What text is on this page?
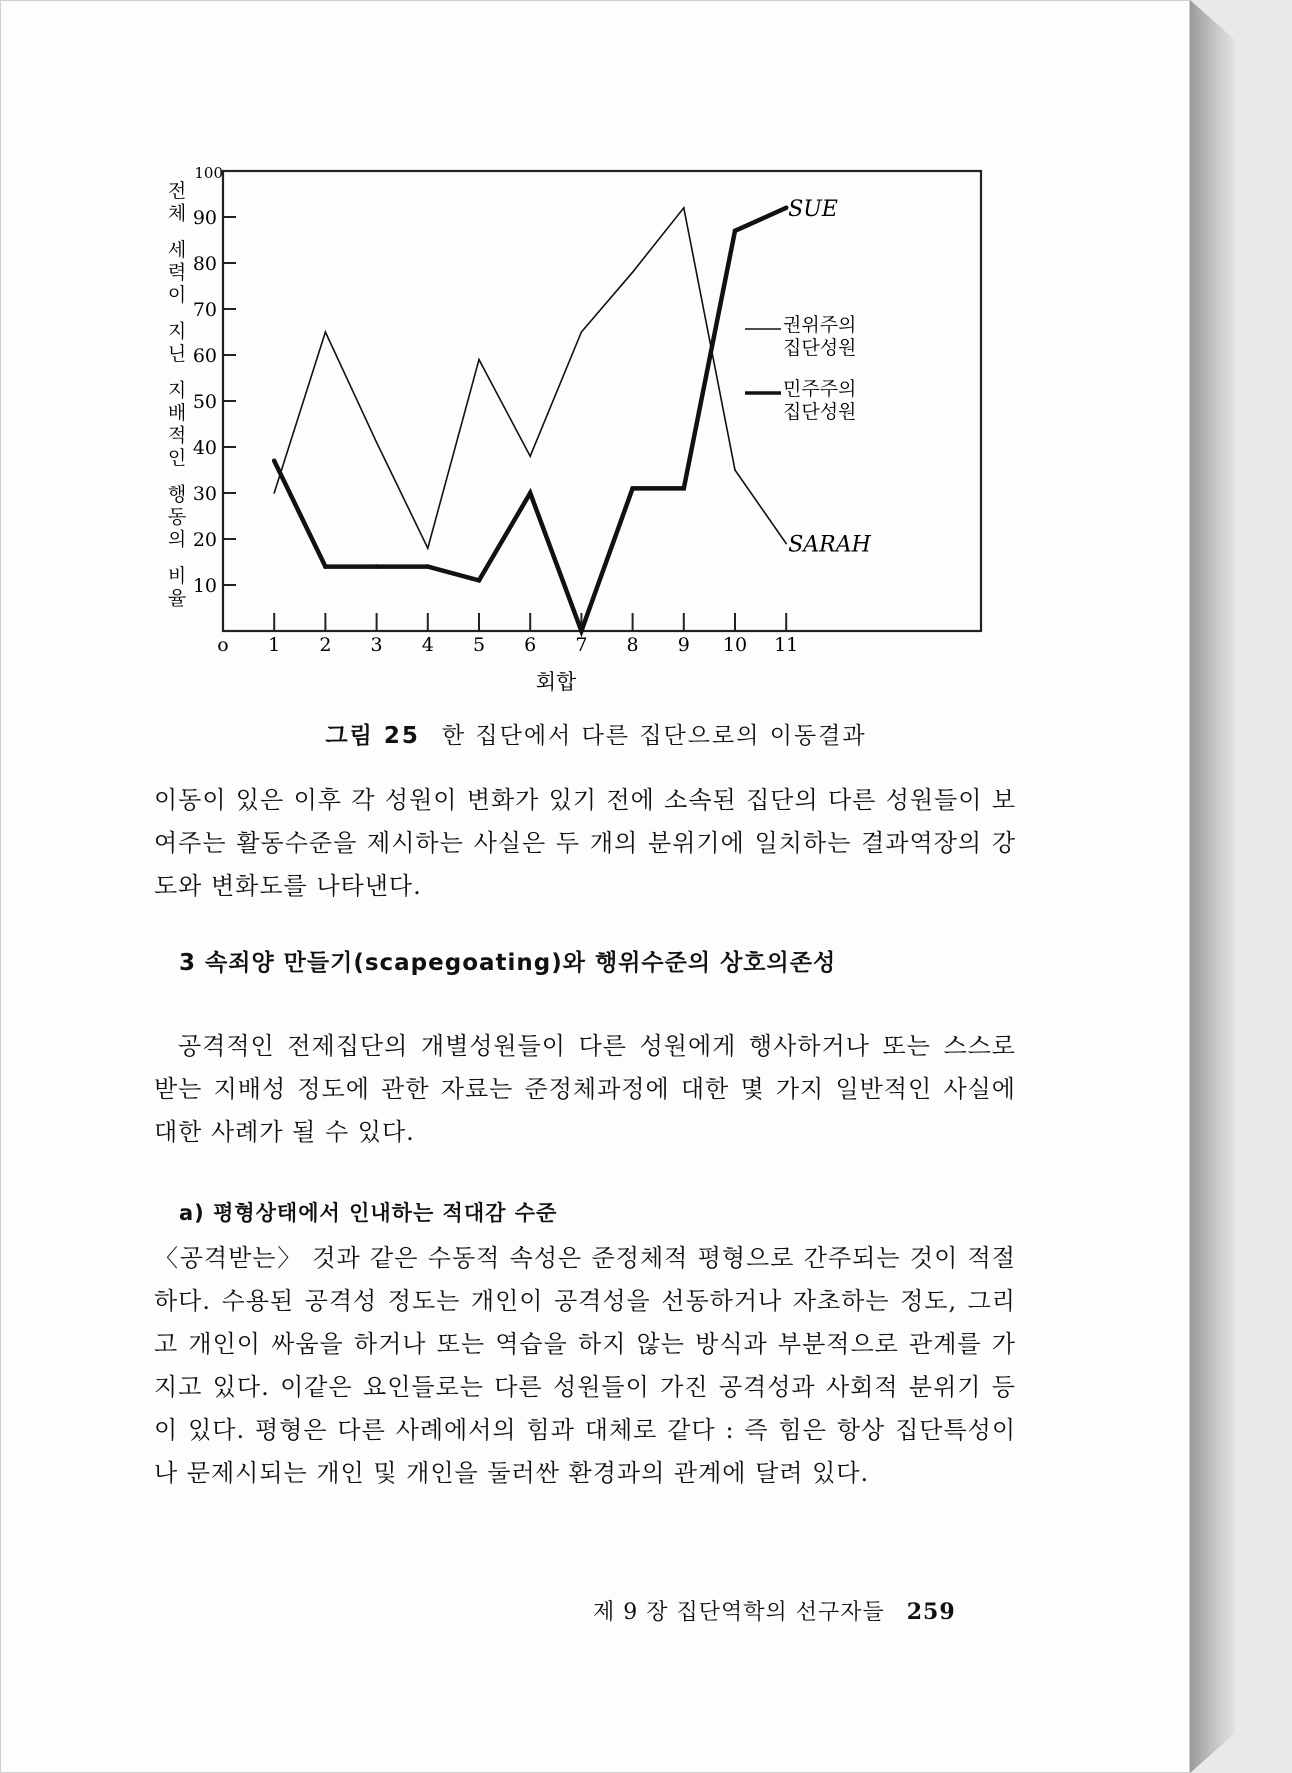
100
90
80
70
60
50
40
30
20
10
o 1 2 3 4 5 6 7 8 9 10 11
SARAH
SUE
권위주의
집단성원
민주주의
집단성원
전 체 세 력 이 지 닌 지 배 적 인 행 동 의 비 율
회합
그림 25 한 집단에서 다른 집단으로의 이동결과

이동이 있은 이후 각 성원이 변화가 있기 전에 소속된 집단의 다른 성원들이 보여주는 활동수준을 제시하는 사실은 두 개의 분위기에 일치하는 결과역장의 강도와 변화도를 나타낸다.

3 속죄양 만들기(scapegoating)와 행위수준의 상호의존성

공격적인 전제집단의 개별성원들이 다른 성원에게 행사하거나 또는 스스로 받는 지배성 정도에 관한 자료는 준정체과정에 대한 몇 가지 일반적인 사실에 대한 사례가 될 수 있다.

a) 평형상태에서 인내하는 적대감 수준

〈공격받는〉 것과 같은 수동적 속성은 준정체적 평형으로 간주되는 것이 적절하다. 수용된 공격성 정도는 개인이 공격성을 선동하거나 자초하는 정도, 그리고 개인이 싸움을 하거나 또는 역습을 하지 않는 방식과 부분적으로 관계를 가지고 있다. 이같은 요인들로는 다른 성원들이 가진 공격성과 사회적 분위기 등이 있다. 평형은 다른 사례에서의 힘과 대체로 같다 : 즉 힘은 항상 집단특성이나 문제시되는 개인 및 개인을 둘러싼 환경과의 관계에 달려 있다.

제 9 장 집단역학의 선구자들 259
